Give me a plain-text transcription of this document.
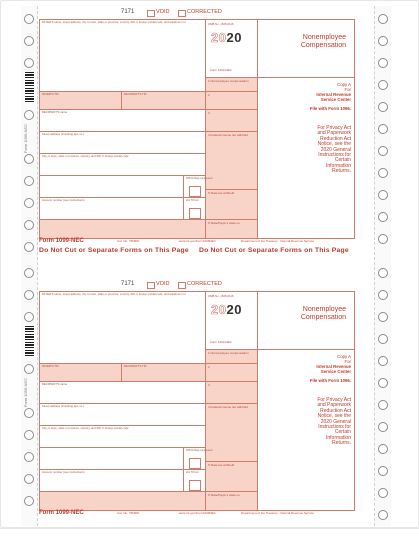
Form 1099-NEC
Form 1099-NEC
7171	VOID	CORRECTED
PAYER'S name, street address, city or town, state or province, country, ZIP or foreign postal code, and telephone no.	OMB No. 1545-0116
2020
Form 1099-NEC
Nonemployee
Compensation
1 Nonemployee compensation
Copy A
For
Internal Revenue
Service Center
File with Form 1096.
For Privacy Act
and Paperwork
Reduction Act
Notice, see the
2020 General
Instructions for
Certain
Information
Returns.
PAYER'S TIN	RECIPIENT'S TIN	2
RECIPIENT'S name	3
Street address (including apt. no.)	4 Federal income tax withheld
City or town, state or province, country, and ZIP or foreign postal code
FATCA filing requirement
Account number (see instructions)	2nd TIN not.
5 State tax withheld
6 State/Payer's state no.
Form 1099-NEC	Cat. No. 72590N	www.irs.gov/Form1099NEC	Department of the Treasury - Internal Revenue Service
Do Not Cut or Separate Forms on This Page Do Not Cut or Separate Forms on This Page
7171	VOID	CORRECTED
PAYER'S name, street address, city or town, state or province, country, ZIP or foreign postal code, and telephone no.	OMB No. 1545-0116
2020
Form 1099-NEC
Nonemployee
Compensation
1 Nonemployee compensation
Copy A
For
Internal Revenue
Service Center
File with Form 1096.
For Privacy Act
and Paperwork
Reduction Act
Notice, see the
2020 General
Instructions for
Certain
Information
Returns.
PAYER'S TIN	RECIPIENT'S TIN	2
RECIPIENT'S name	3
Street address (including apt. no.)	4 Federal income tax withheld
City or town, state or province, country, and ZIP or foreign postal code
FATCA filing requirement
Account number (see instructions)	2nd TIN not.
5 State tax withheld
6 State/Payer's state no.
Form 1099-NEC	Cat. No. 72590N	www.irs.gov/Form1099NEC	Department of the Treasury - Internal Revenue Service
